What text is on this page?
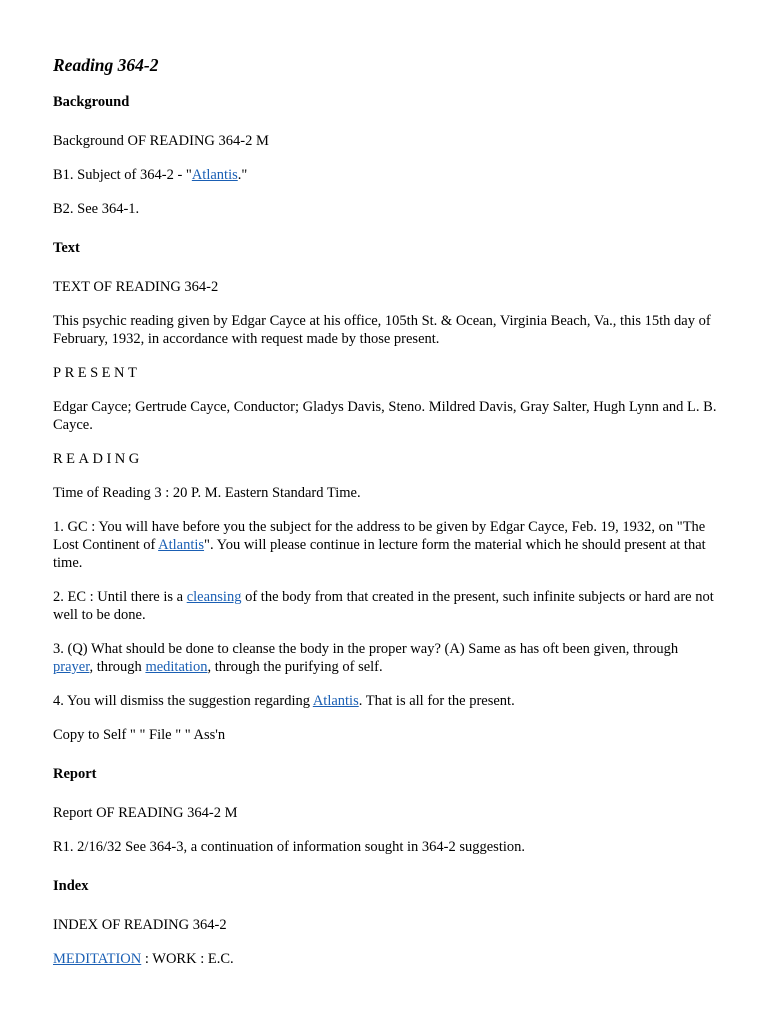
Reading 364-2
Background

Background OF READING 364-2 M

B1. Subject of 364-2 - "Atlantis."

B2. See 364-1.

Text

TEXT OF READING 364-2

This psychic reading given by Edgar Cayce at his office, 105th St. & Ocean, Virginia Beach, Va., this 15th day of February, 1932, in accordance with request made by those present.

PRESENT

Edgar Cayce; Gertrude Cayce, Conductor; Gladys Davis, Steno. Mildred Davis, Gray Salter, Hugh Lynn and L. B. Cayce.

READING

Time of Reading 3 : 20 P. M. Eastern Standard Time.

1. GC : You will have before you the subject for the address to be given by Edgar Cayce, Feb. 19, 1932, on "The Lost Continent of Atlantis". You will please continue in lecture form the material which he should present at that time.

2. EC : Until there is a cleansing of the body from that created in the present, such infinite subjects or hard are not well to be done.

3. (Q) What should be done to cleanse the body in the proper way? (A) Same as has oft been given, through prayer, through meditation, through the purifying of self.

4. You will dismiss the suggestion regarding Atlantis. That is all for the present.

Copy to Self " " File " " Ass'n

Report

Report OF READING 364-2 M

R1. 2/16/32 See 364-3, a continuation of information sought in 364-2 suggestion.

Index

INDEX OF READING 364-2

MEDITATION : WORK : E.C.
